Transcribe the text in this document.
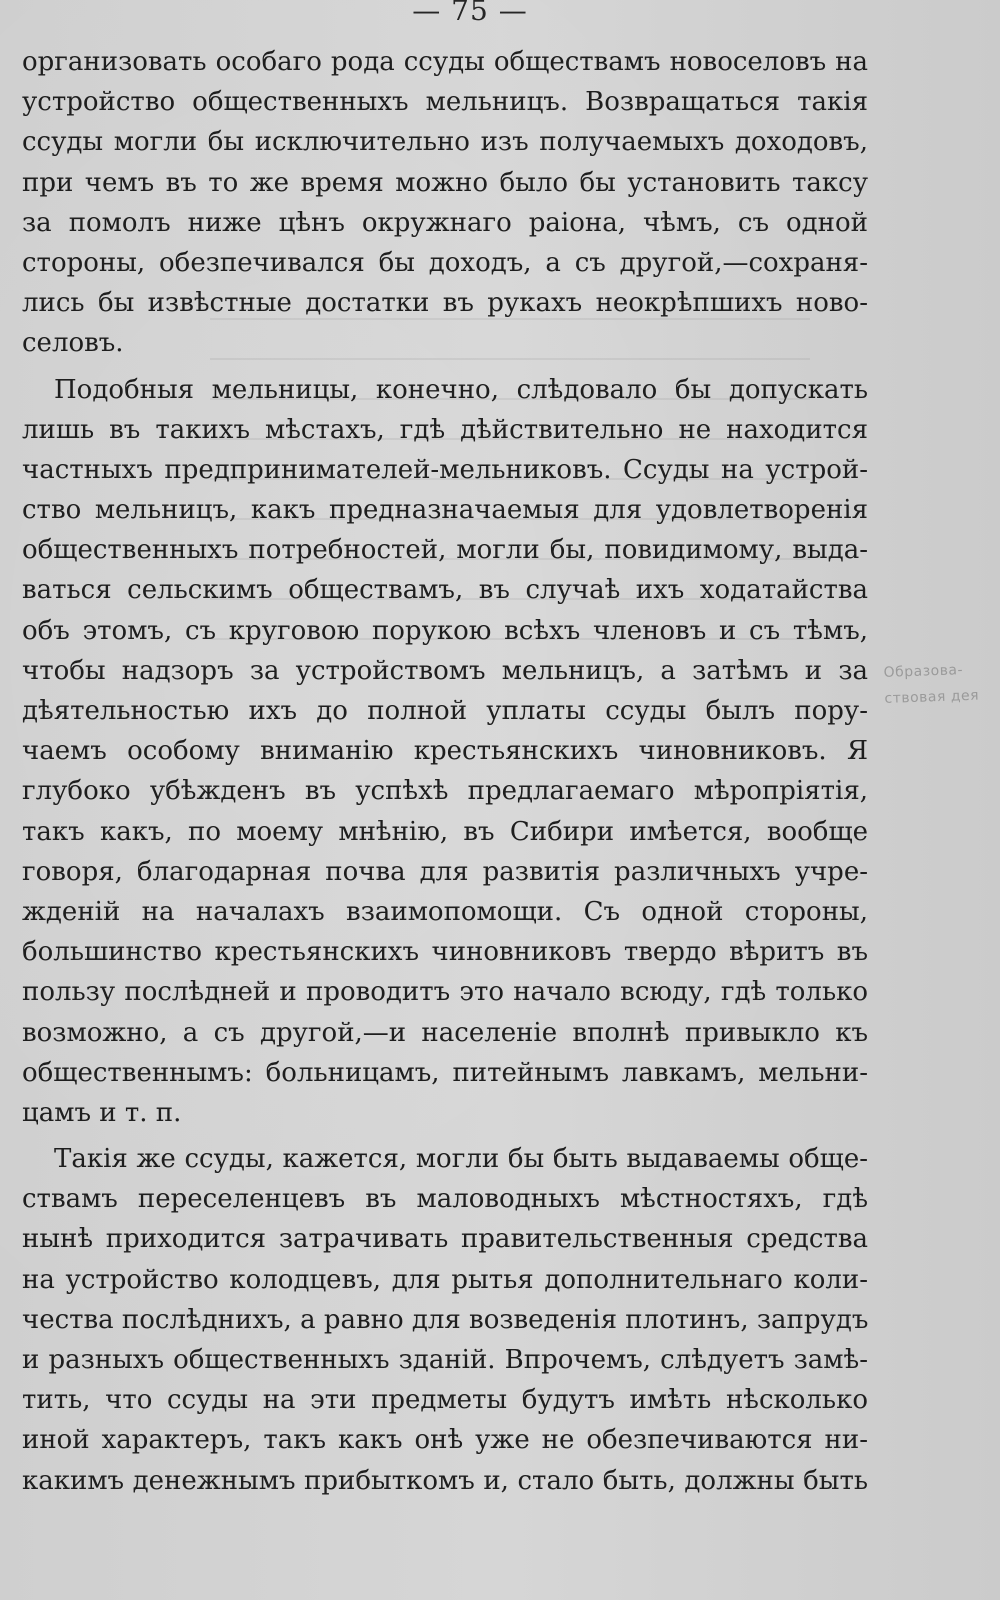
— 75 —
Образова-
ствовая дея
организовать особаго рода ссуды обществамъ новоселовъ на
устройство общественныхъ мельницъ. Возвращаться такія
ссуды могли бы исключительно изъ получаемыхъ доходовъ,
при чемъ въ то же время можно было бы установить таксу
за помолъ ниже цѣнъ окружнаго раіона, чѣмъ, съ одной
стороны, обезпечивался бы доходъ, а съ другой,—сохраня-
лись бы извѣстные достатки въ рукахъ неокрѣпшихъ ново-
селовъ.
Подобныя мельницы, конечно, слѣдовало бы допускать
лишь въ такихъ мѣстахъ, гдѣ дѣйствительно не находится
частныхъ предпринимателей-мельниковъ. Ссуды на устрой-
ство мельницъ, какъ предназначаемыя для удовлетворенія
общественныхъ потребностей, могли бы, повидимому, выда-
ваться сельскимъ обществамъ, въ случаѣ ихъ ходатайства
объ этомъ, съ круговою порукою всѣхъ членовъ и съ тѣмъ,
чтобы надзоръ за устройствомъ мельницъ, а затѣмъ и за
дѣятельностью ихъ до полной уплаты ссуды былъ пору-
чаемъ особому вниманію крестьянскихъ чиновниковъ. Я
глубоко убѣжденъ въ успѣхѣ предлагаемаго мѣропріятія,
такъ какъ, по моему мнѣнію, въ Сибири имѣется, вообще
говоря, благодарная почва для развитія различныхъ учре-
жденій на началахъ взаимопомощи. Съ одной стороны,
большинство крестьянскихъ чиновниковъ твердо вѣритъ въ
пользу послѣдней и проводитъ это начало всюду, гдѣ только
возможно, а съ другой,—и населеніе вполнѣ привыкло къ
общественнымъ: больницамъ, питейнымъ лавкамъ, мельни-
цамъ и т. п.
Такія же ссуды, кажется, могли бы быть выдаваемы обще-
ствамъ переселенцевъ въ маловодныхъ мѣстностяхъ, гдѣ
нынѣ приходится затрачивать правительственныя средства
на устройство колодцевъ, для рытья дополнительнаго коли-
чества послѣднихъ, а равно для возведенія плотинъ, запрудъ
и разныхъ общественныхъ зданій. Впрочемъ, слѣдуетъ замѣ-
тить, что ссуды на эти предметы будутъ имѣть нѣсколько
иной характеръ, такъ какъ онѣ уже не обезпечиваются ни-
какимъ денежнымъ прибыткомъ и, стало быть, должны быть
